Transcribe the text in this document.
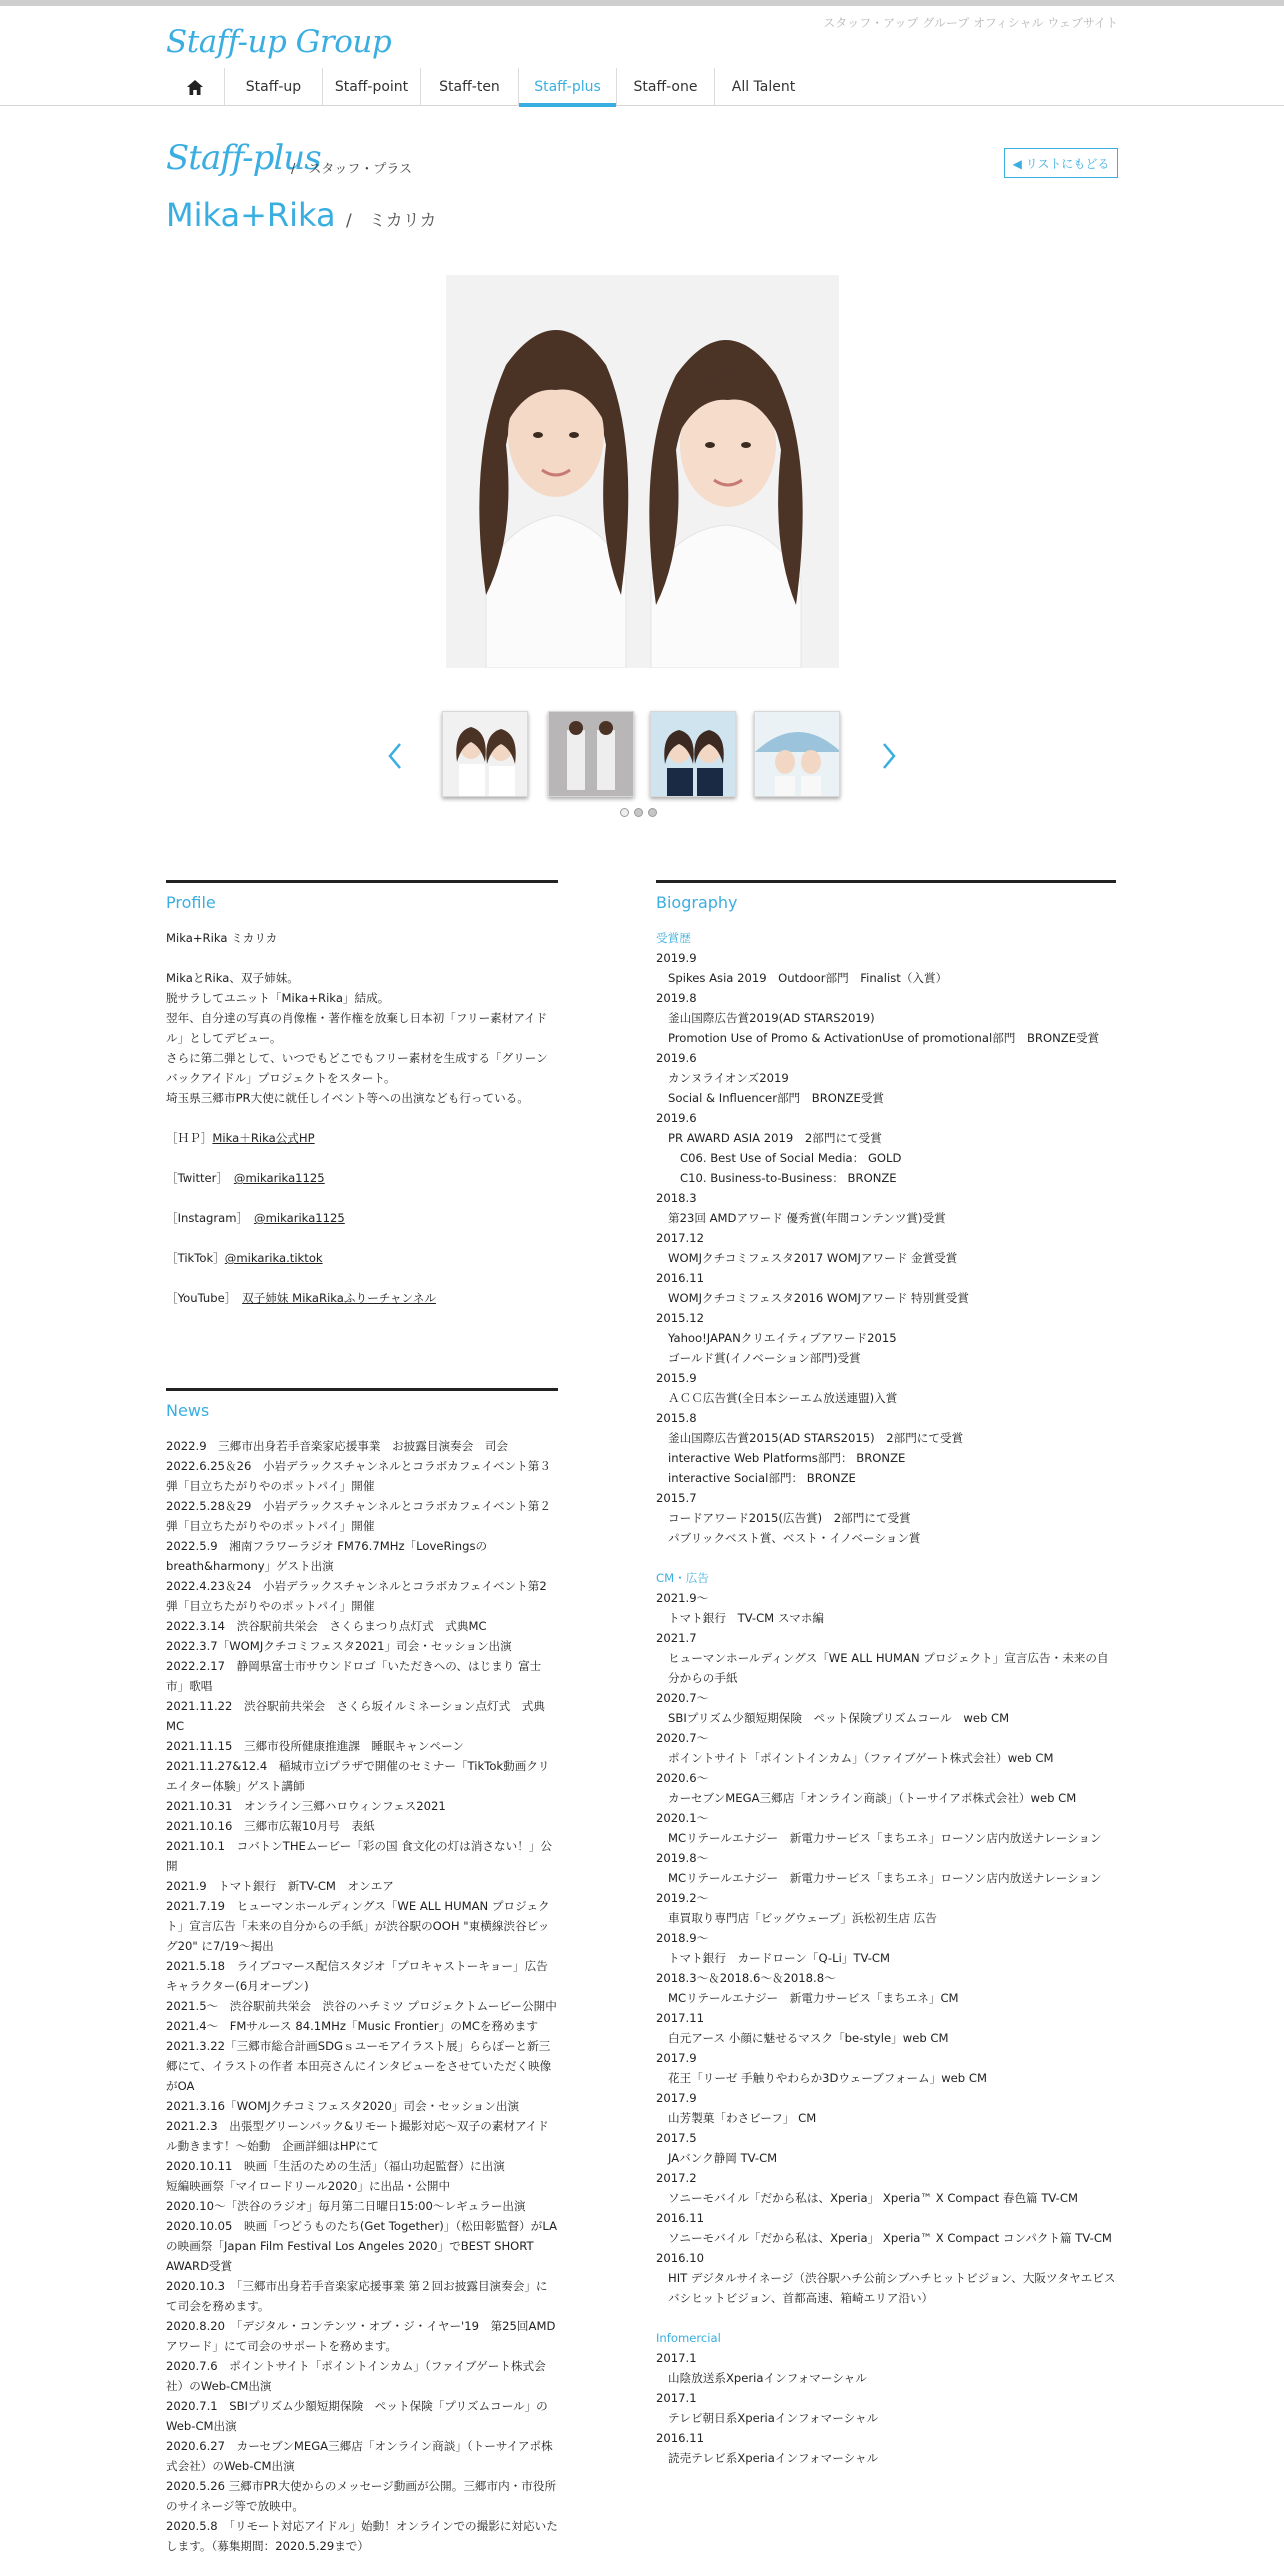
Staff-up Group
スタッフ・アップ グループ オフィシャル ウェブサイト
Staff-up	Staff-point	Staff-ten	Staff-plus	Staff-one	All Talent
Staff-plus
/　スタッフ・プラス	◀ リストにもどる
Mika+Rika /　ミカリカ
Profile

Mika+Rika ミカリカ

MikaとRika、双子姉妹。

脱サラしてユニット「Mika+Rika」結成。

翌年、自分達の写真の肖像権・著作権を放棄し日本初「フリー素材アイドル」としてデビュー。

さらに第二弾として、いつでもどこでもフリー素材を生成する「グリーンバックアイドル」プロジェクトをスタート。

埼玉県三郷市PR大使に就任しイベント等への出演なども行っている。

［ＨＰ］Mika＋Rika公式HP

［Twitter］　@mikarika1125

［Instagram］　@mikarika1125

［TikTok］@mikarika.tiktok

［YouTube］　双子姉妹 MikaRikaふりーチャンネル

News

2022.9　三郷市出身若手音楽家応援事業　お披露目演奏会　司会

2022.6.25＆26　小岩デラックスチャンネルとコラボカフェイベント第３弾「目立ちたがりやのポットパイ」開催

2022.5.28＆29　小岩デラックスチャンネルとコラボカフェイベント第２弾「目立ちたがりやのポットパイ」開催

2022.5.9　湘南フラワーラジオ FM76.7MHz「LoveRingsのbreath&harmony」ゲスト出演

2022.4.23＆24　小岩デラックスチャンネルとコラボカフェイベント第2弾「目立ちたがりやのポットパイ」開催

2022.3.14　渋谷駅前共栄会　さくらまつり点灯式　式典MC

2022.3.7「WOMJクチコミフェスタ2021」司会・セッション出演

2022.2.17　静岡県富士市サウンドロゴ「いただきへの、はじまり 富士市」歌唱

2021.11.22　渋谷駅前共栄会　さくら坂イルミネーション点灯式　式典MC

2021.11.15　三郷市役所健康推進課　睡眠キャンペーン

2021.11.27&12.4　稲城市立iプラザで開催のセミナー「TikTok動画クリエイター体験」ゲスト講師

2021.10.31　オンライン三郷ハロウィンフェス2021

2021.10.16　三郷市広報10月号　表紙

2021.10.1　コバトンTHEムービー「彩の国 食文化の灯は消さない！」公開

2021.9　トマト銀行　新TV-CM　オンエア

2021.7.19　ヒューマンホールディングス「WE ALL HUMAN プロジェクト」宣言広告「未来の自分からの手紙」が渋谷駅のOOH "東横線渋谷ビッグ20" に7/19〜掲出

2021.5.18　ライブコマース配信スタジオ「プロキャストーキョー」広告キャラクター(6月オープン)

2021.5〜　渋谷駅前共栄会　渋谷のハチミツ プロジェクトムービー公開中

2021.4〜　FMサルース 84.1MHz「Music Frontier」のMCを務めます

2021.3.22「三郷市総合計画SDGｓユーモアイラスト展」ららぽーと新三郷にて、イラストの作者 本田亮さんにインタビューをさせていただく映像がOA

2021.3.16「WOMJクチコミフェスタ2020」司会・セッション出演

2021.2.3　出張型グリーンバック&リモート撮影対応〜双子の素材アイドル動きます！〜始動　企画詳細はHPにて

2020.10.11　映画「生活のための生活」（福山功起監督）に出演

短編映画祭「マイロードリール2020」に出品・公開中

2020.10〜「渋谷のラジオ」毎月第二日曜日15:00〜レギュラー出演

2020.10.05　映画「つどうものたち(Get Together)」（松田彰監督）がLAの映画祭「Japan Film Festival Los Angeles 2020」でBEST SHORT AWARD受賞

2020.10.3　「三郷市出身若手音楽家応援事業 第２回お披露目演奏会」にて司会を務めます。

2020.8.20　「デジタル・コンテンツ・オブ・ジ・イヤー'19　第25回AMDアワード」にて司会のサポートを務めます。

2020.7.6　ポイントサイト「ポイントインカム」（ファイブゲート株式会社）のWeb-CM出演

2020.7.1　SBIプリズム少額短期保険　ペット保険「プリズムコール」のWeb-CM出演

2020.6.27　カーセブンMEGA三郷店「オンライン商談」（トーサイアポ株式会社）のWeb-CM出演

2020.5.26 三郷市PR大使からのメッセージ動画が公開。三郷市内・市役所のサイネージ等で放映中。

2020.5.8　「リモート対応アイドル」始動！オンラインでの撮影に対応いたします。（募集期間：2020.5.29まで）

Biography

受賞歴

2019.9

Spikes Asia 2019　Outdoor部門　Finalist（入賞）

2019.8

釜山国際広告賞2019(AD STARS2019)

Promotion Use of Promo & ActivationUse of promotional部門　BRONZE受賞

2019.6

カンヌライオンズ2019

Social & Influencer部門　BRONZE受賞

2019.6

PR AWARD ASIA 2019　2部門にて受賞

C06. Best Use of Social Media： GOLD

C10. Business-to-Business： BRONZE

2018.3

第23回 AMDアワード 優秀賞(年間コンテンツ賞)受賞

2017.12

WOMJクチコミフェスタ2017 WOMJアワード 金賞受賞

2016.11

WOMJクチコミフェスタ2016 WOMJアワード 特別賞受賞

2015.12

Yahoo!JAPANクリエイティブアワード2015

ゴールド賞(イノベーション部門)受賞

2015.9

ＡＣＣ広告賞(全日本シーエム放送連盟)入賞

2015.8

釜山国際広告賞2015(AD STARS2015)　2部門にて受賞

interactive Web Platforms部門： BRONZE

interactive Social部門： BRONZE

2015.7

コードアワード2015(広告賞)　2部門にて受賞

パブリックベスト賞、ベスト・イノベーション賞

CM・広告

2021.9〜

トマト銀行　TV-CM スマホ編

2021.7

ヒューマンホールディングス「WE ALL HUMAN プロジェクト」宣言広告・未来の自分からの手紙

2020.7〜

SBIプリズム少額短期保険　ペット保険プリズムコール　web CM

2020.7〜

ポイントサイト「ポイントインカム」（ファイブゲート株式会社）web CM

2020.6〜

カーセブンMEGA三郷店「オンライン商談」（トーサイアポ株式会社）web CM

2020.1〜

MCリテールエナジー　新電力サービス「まちエネ」ローソン店内放送ナレーション

2019.8〜

MCリテールエナジー　新電力サービス「まちエネ」ローソン店内放送ナレーション

2019.2〜

車買取り専門店「ビッグウェーブ」浜松初生店 広告

2018.9〜

トマト銀行　カードローン「Q-Li」TV-CM

2018.3〜＆2018.6〜＆2018.8〜

MCリテールエナジー　新電力サービス「まちエネ」CM

2017.11

白元アース 小顔に魅せるマスク「be-style」web CM

2017.9

花王「リーゼ 手触りやわらか3Dウェーブフォーム」web CM

2017.9

山芳製菓「わさビーフ」 CM

2017.5

JAバンク静岡 TV-CM

2017.2

ソニーモバイル「だから私は、Xperia」 Xperia™ X Compact 春色篇 TV-CM

2016.11

ソニーモバイル「だから私は、Xperia」 Xperia™ X Compact コンパクト篇 TV-CM

2016.10

HIT デジタルサイネージ（渋谷駅ハチ公前シブハチヒットビジョン、大阪ツタヤエビスバシヒットビジョン、首都高速、箱崎エリア沿い）

Infomercial

2017.1

山陰放送系Xperiaインフォマーシャル

2017.1

テレビ朝日系Xperiaインフォマーシャル

2016.11

読売テレビ系Xperiaインフォマーシャル
